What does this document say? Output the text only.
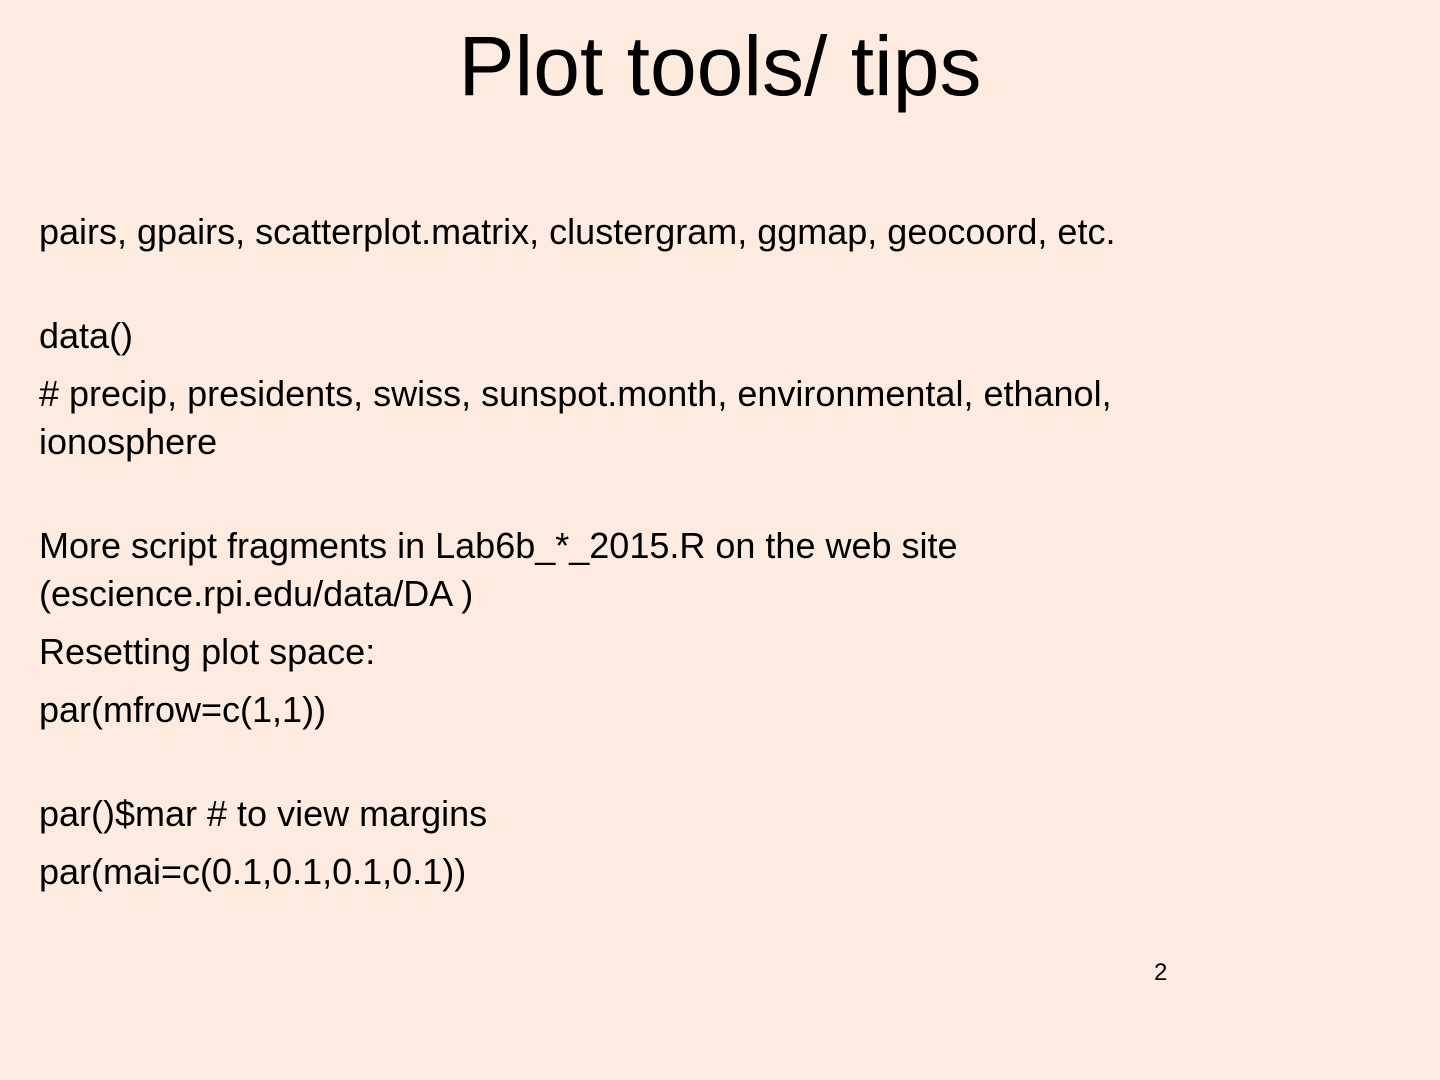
Plot tools/ tips

pairs, gpairs, scatterplot.matrix, clustergram, ggmap, geocoord, etc.

data()

# precip, presidents, swiss, sunspot.month, environmental, ethanol, ionosphere

More script fragments in Lab6b_*_2015.R on the web site (escience.rpi.edu/data/DA )

Resetting plot space:

par(mfrow=c(1,1))

par()$mar # to view margins

par(mai=c(0.1,0.1,0.1,0.1))

2
